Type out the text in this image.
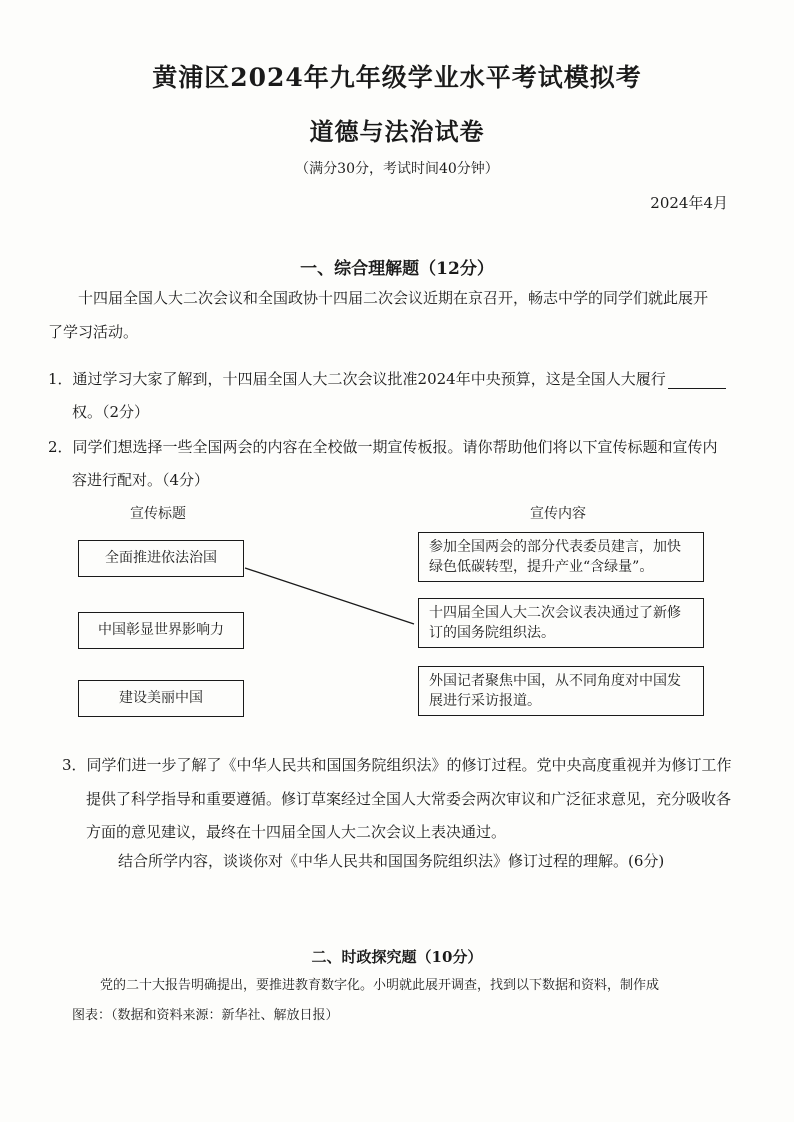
黄浦区2024年九年级学业水平考试模拟考
道德与法治试卷
（满分30分，考试时间40分钟）
2024年4月
一、综合理解题（12分）
十四届全国人大二次会议和全国政协十四届二次会议近期在京召开，畅志中学的同学们就此展开
了学习活动。
1．通过学习大家了解到，十四届全国人大二次会议批准2024年中央预算，这是全国人大履行
权。（2分）
2．同学们想选择一些全国两会的内容在全校做一期宣传板报。请你帮助他们将以下宣传标题和宣传内
容进行配对。（4分）
宣传标题	宣传内容
全面推进依法治国
中国彰显世界影响力
建设美丽中国
参加全国两会的部分代表委员建言，加快绿色低碳转型，提升产业“含绿量”。
十四届全国人大二次会议表决通过了新修订的国务院组织法。
外国记者聚焦中国，从不同角度对中国发展进行采访报道。
3．同学们进一步了解了《中华人民共和国国务院组织法》的修订过程。党中央高度重视并为修订工作
提供了科学指导和重要遵循。修订草案经过全国人大常委会两次审议和广泛征求意见，充分吸收各
方面的意见建议，最终在十四届全国人大二次会议上表决通过。
结合所学内容，谈谈你对《中华人民共和国国务院组织法》修订过程的理解。(6分)
二、时政探究题（10分）
党的二十大报告明确提出，要推进教育数字化。小明就此展开调查，找到以下数据和资料，制作成
图表：（数据和资料来源：新华社、解放日报）
